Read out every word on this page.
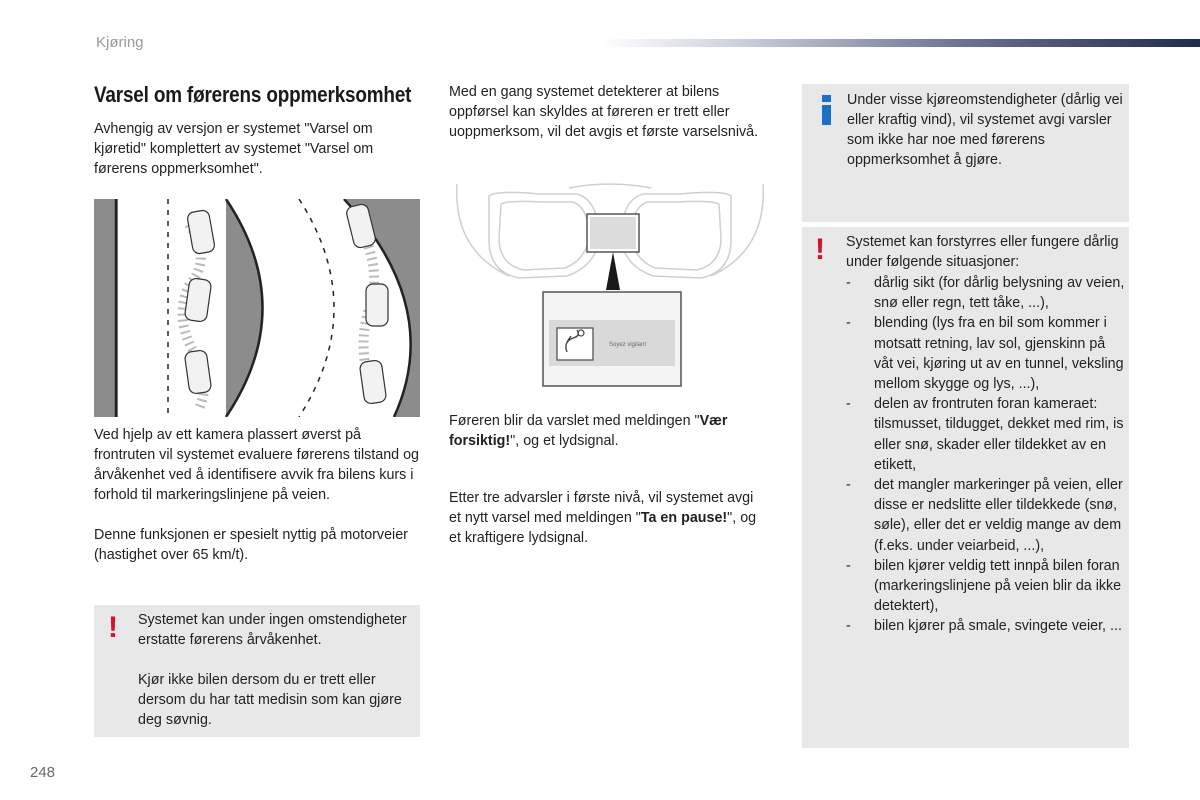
Kjøring
Varsel om førerens oppmerksomhet

Avhengig av versjon er systemet "Varsel om kjøretid" komplettert av systemet "Varsel om førerens oppmerksomhet".

Ved hjelp av ett kamera plassert øverst på frontruten vil systemet evaluere førerens tilstand og årvåkenhet ved å identifisere avvik fra bilens kurs i forhold til markeringslinjene på veien.

Denne funksjonen er spesielt nyttig på motorveier (hastighet over 65 km/t).

! Systemet kan under ingen omstendigheter erstatte førerens årvåkenhet.

Kjør ikke bilen dersom du er trett eller dersom du har tatt medisin som kan gjøre deg søvnig.

Med en gang systemet detekterer at bilens oppførsel kan skyldes at føreren er trett eller uoppmerksom, vil det avgis et første varselsnivå.

Soyez vigilant

Føreren blir da varslet med meldingen "Vær forsiktig!", og et lydsignal.

Etter tre advarsler i første nivå, vil systemet avgi et nytt varsel med meldingen "Ta en pause!", og et kraftigere lydsignal.

Under visse kjøreomstendigheter (dårlig vei eller kraftig vind), vil systemet avgi varsler som ikke har noe med førerens oppmerksomhet å gjøre.

! Systemet kan forstyrres eller fungere dårlig under følgende situasjoner:

- dårlig sikt (for dårlig belysning av veien, snø eller regn, tett tåke, ...),
- blending (lys fra en bil som kommer i motsatt retning, lav sol, gjenskinn på våt vei, kjøring ut av en tunnel, veksling mellom skygge og lys, ...),
- delen av frontruten foran kameraet: tilsmusset, tildugget, dekket med rim, is eller snø, skader eller tildekket av en etikett,
- det mangler markeringer på veien, eller disse er nedslitte eller tildekkede (snø, søle), eller det er veldig mange av dem (f.eks. under veiarbeid, ...),
- bilen kjører veldig tett innpå bilen foran (markeringslinjene på veien blir da ikke detektert),
- bilen kjører på smale, svingete veier, ...
248
